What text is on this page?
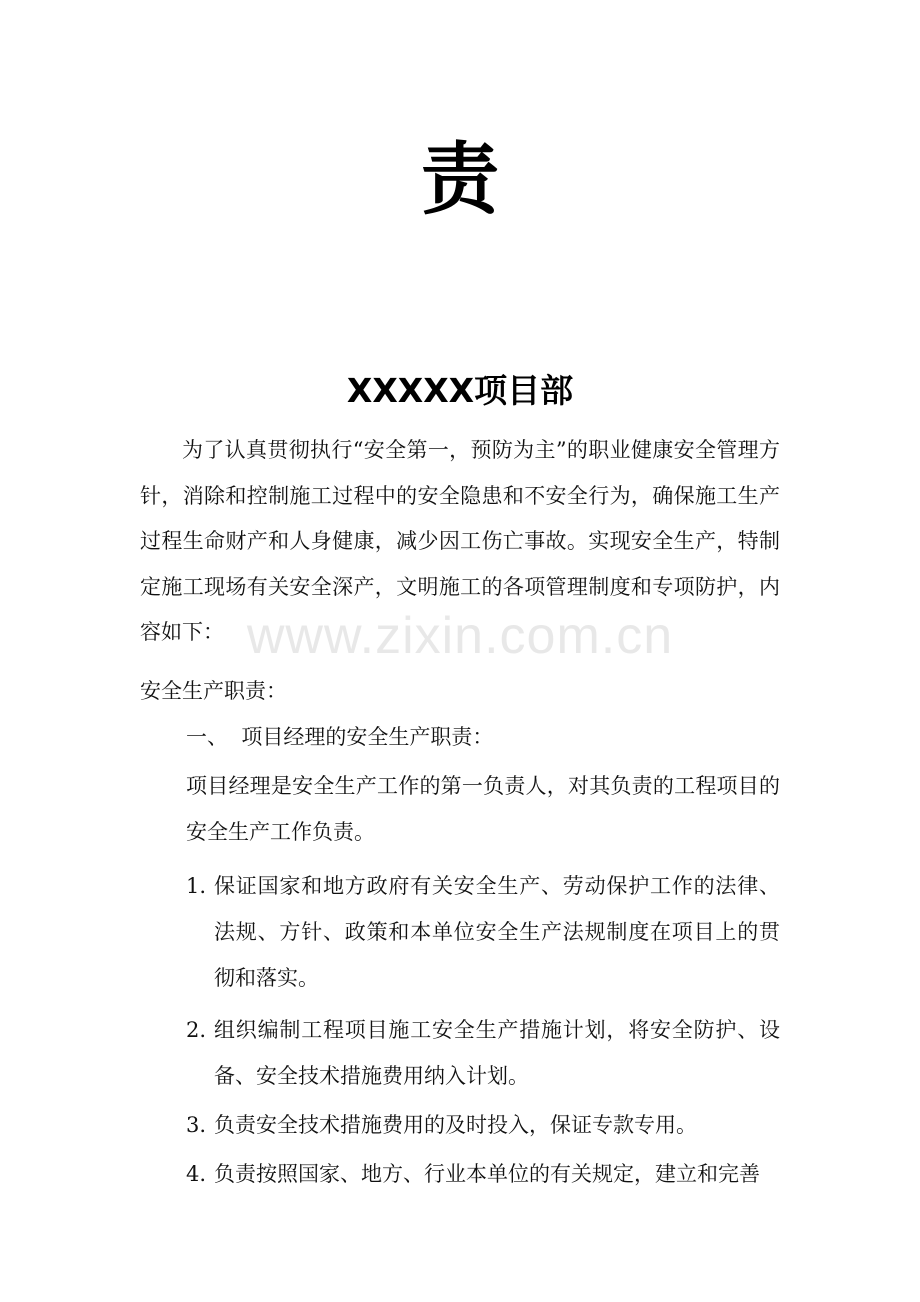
责
XXXXX项目部

为了认真贯彻执行“安全第一，预防为主”的职业健康安全管理方针，消除和控制施工过程中的安全隐患和不安全行为，确保施工生产过程生命财产和人身健康，减少因工伤亡事故。实现安全生产，特制定施工现场有关安全深产，文明施工的各项管理制度和专项防护，内容如下： www.zixin.com.cn

安全生产职责：

一、  项目经理的安全生产职责：

项目经理是安全生产工作的第一负责人，对其负责的工程项目的安全生产工作负责。

1. 保证国家和地方政府有关安全生产、劳动保护工作的法律、法规、方针、政策和本单位安全生产法规制度在项目上的贯彻和落实。
2. 组织编制工程项目施工安全生产措施计划，将安全防护、设备、安全技术措施费用纳入计划。
3. 负责安全技术措施费用的及时投入，保证专款专用。
4. 负责按照国家、地方、行业本单位的有关规定，建立和完善
